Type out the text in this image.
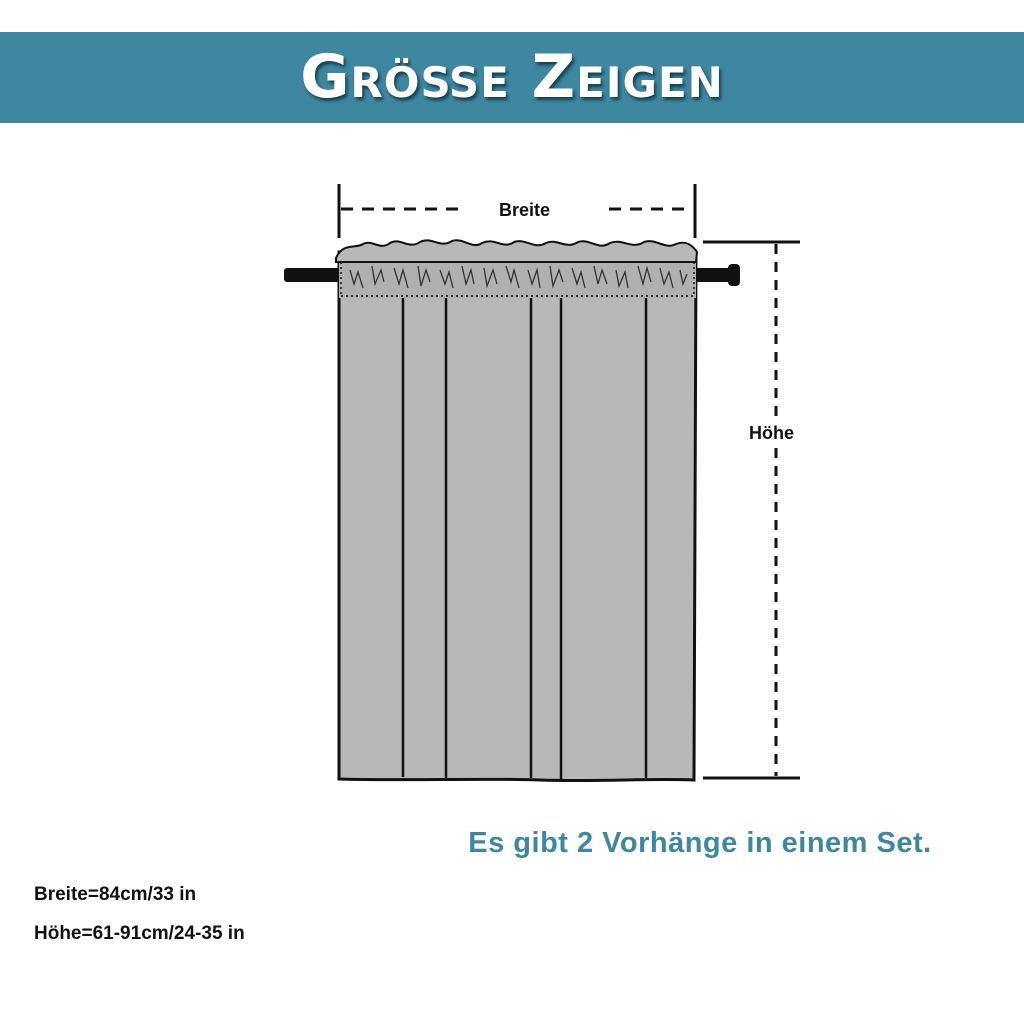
Größe Zeigen
Breite
Höhe
Es gibt 2 Vorhänge in einem Set.
Breite=84cm/33 in
Höhe=61-91cm/24-35 in
